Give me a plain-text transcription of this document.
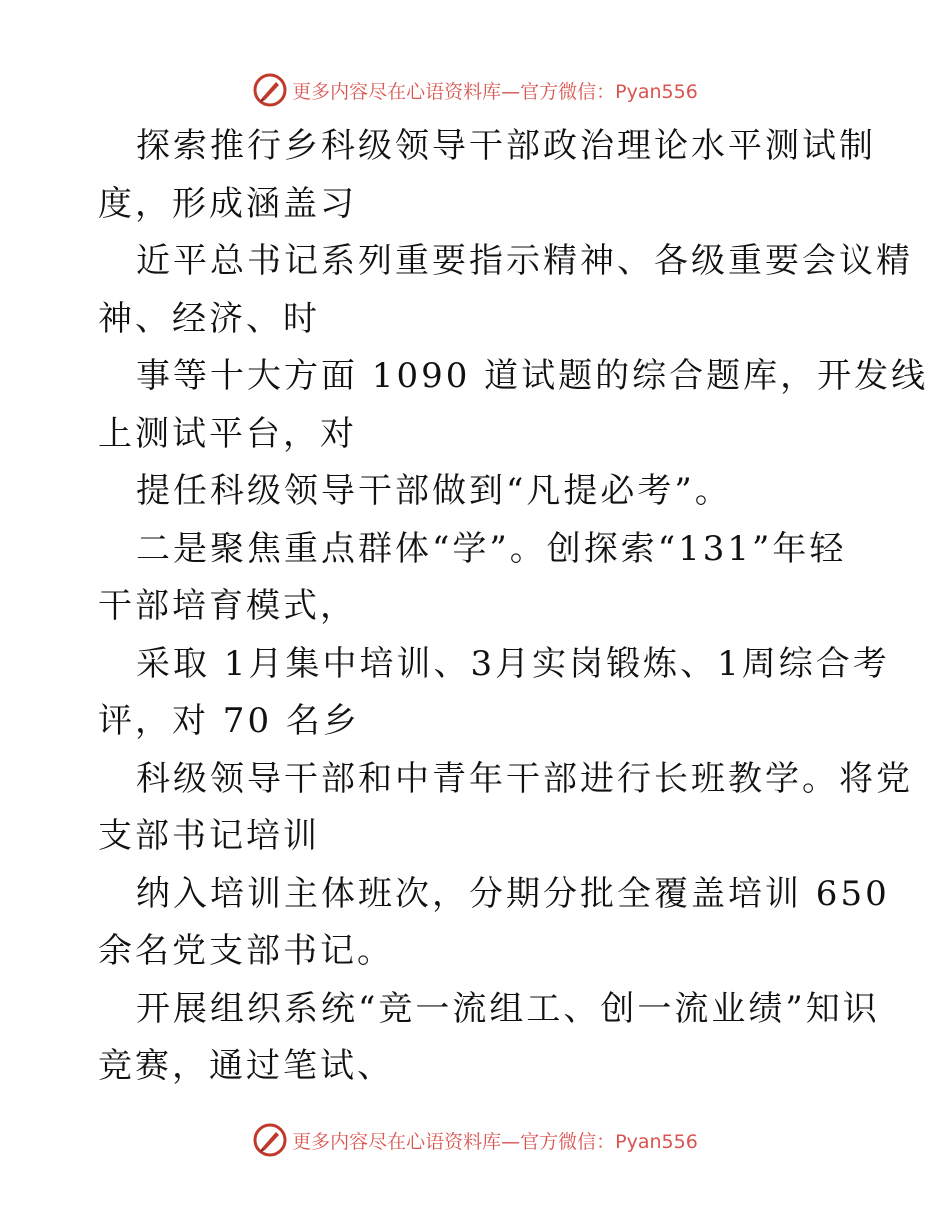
更多内容尽在心语资料库—官方微信：Pyan556
探索推行乡科级领导干部政治理论水平测试制
度，形成涵盖习
近平总书记系列重要指示精神、各级重要会议精
神、经济、时
事等十大方面 1090 道试题的综合题库，开发线
上测试平台，对
提任科级领导干部做到“凡提必考”。
二是聚焦重点群体“学”。创探索“131”年轻
干部培育模式，
采取 1月集中培训、3月实岗锻炼、1周综合考
评，对 70 名乡
科级领导干部和中青年干部进行长班教学。将党
支部书记培训
纳入培训主体班次，分期分批全覆盖培训 650
余名党支部书记。
开展组织系统“竞一流组工、创一流业绩”知识
竞赛，通过笔试、
更多内容尽在心语资料库—官方微信：Pyan556
